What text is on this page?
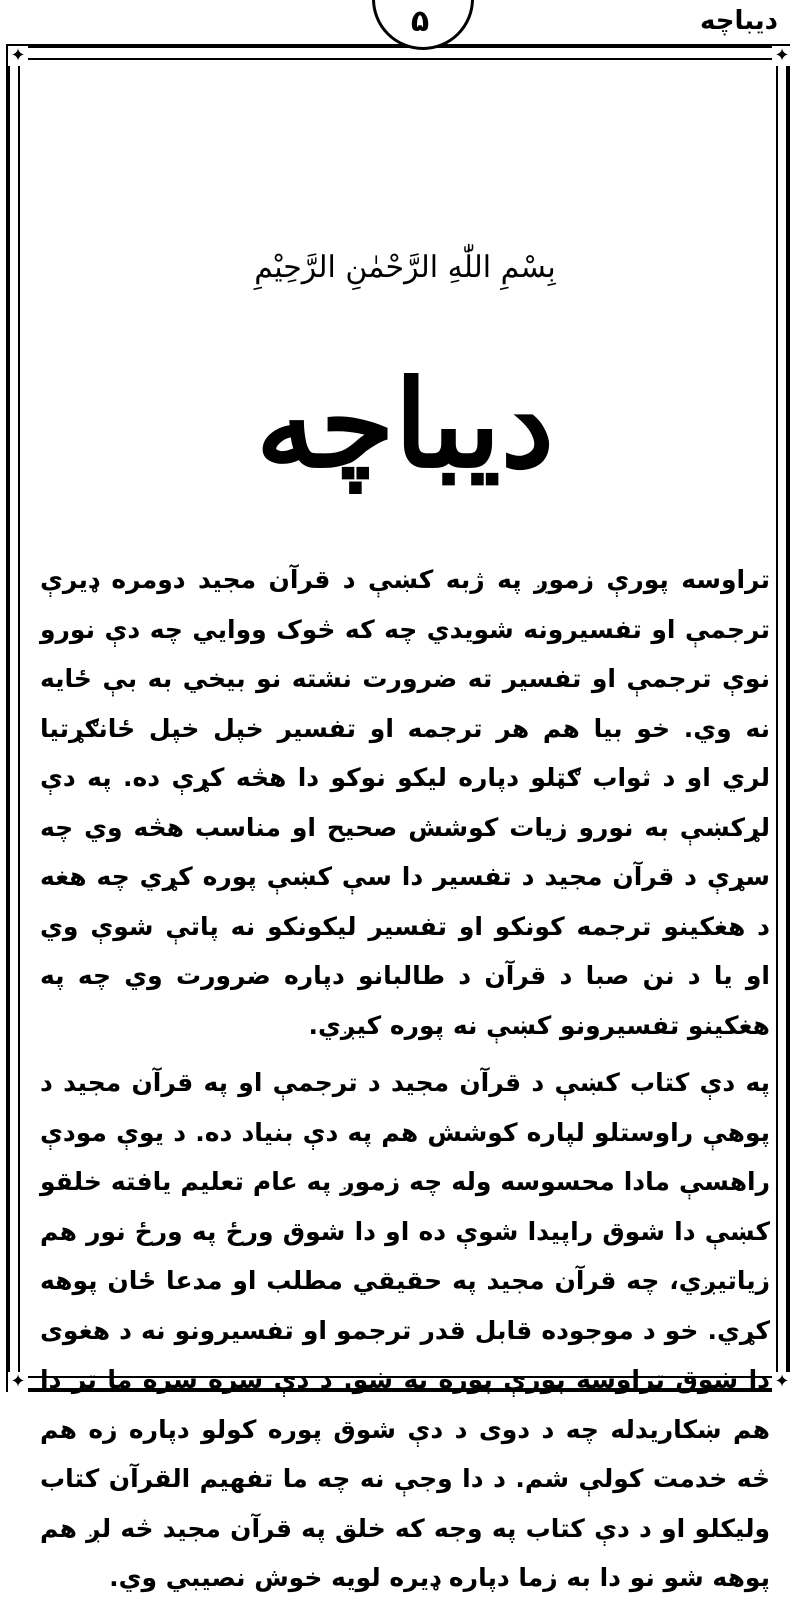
✦	✦
✦	✦
۵	دیباچه
بِسْمِ اللّٰهِ الرَّحْمٰنِ الرَّحِيْمِ
دیباچه

تراوسه پورې زموږ په ژبه کښې د قرآن مجيد دومره ډيرې ترجمې او تفسيرونه شويدي چه که څوک ووايي چه دې نورو نوې ترجمې او تفسير ته ضرورت نشته نو بيخي به بې ځايه نه وي. خو بيا هم هر ترجمه او تفسير خپل خپل ځانګړتيا لري او د ثواب ګټلو دپاره ليکو نوکو دا هڅه کړې ده. په دې لړکښې به نورو زيات کوشش صحيح او مناسب هڅه وي چه سړې د قرآن مجيد د تفسير دا سې کښې پوره کړي چه هغه د هغکينو ترجمه کونکو او تفسير ليکونکو نه پاتې شوې وي او يا د نن صبا د قرآن د طالبانو دپاره ضرورت وي چه په هغکينو تفسيرونو کښې نه پوره کيږي.

په دې کتاب کښې د قرآن مجيد د ترجمې او په قرآن مجيد د پوهې راوستلو لپاره کوشش هم په دې بنياد ده. د يوې مودې راهسې مادا محسوسه وله چه زموږ په عام تعليم يافته خلقو کښې دا شوق راپيدا شوې ده او دا شوق ورځ په ورځ نور هم زياتيږي، چه قرآن مجيد په حقيقي مطلب او مدعا ځان پوهه کړي. خو د موجوده قابل قدر ترجمو او تفسيرونو نه د هغوی دا شوق تراوسه پورې پوره نه شو. د دې سره سره ما تر دا هم ښکاريدله چه د دوی د دې شوق پوره کولو دپاره زه هم څه خدمت کولې شم. د دا وجې نه چه ما تفهيم القرآن کتاب وليکلو او د دې کتاب په وجه که خلق په قرآن مجيد څه لږ هم پوهه شو نو دا به زما دپاره ډيره لويه خوش نصيبي وي.
